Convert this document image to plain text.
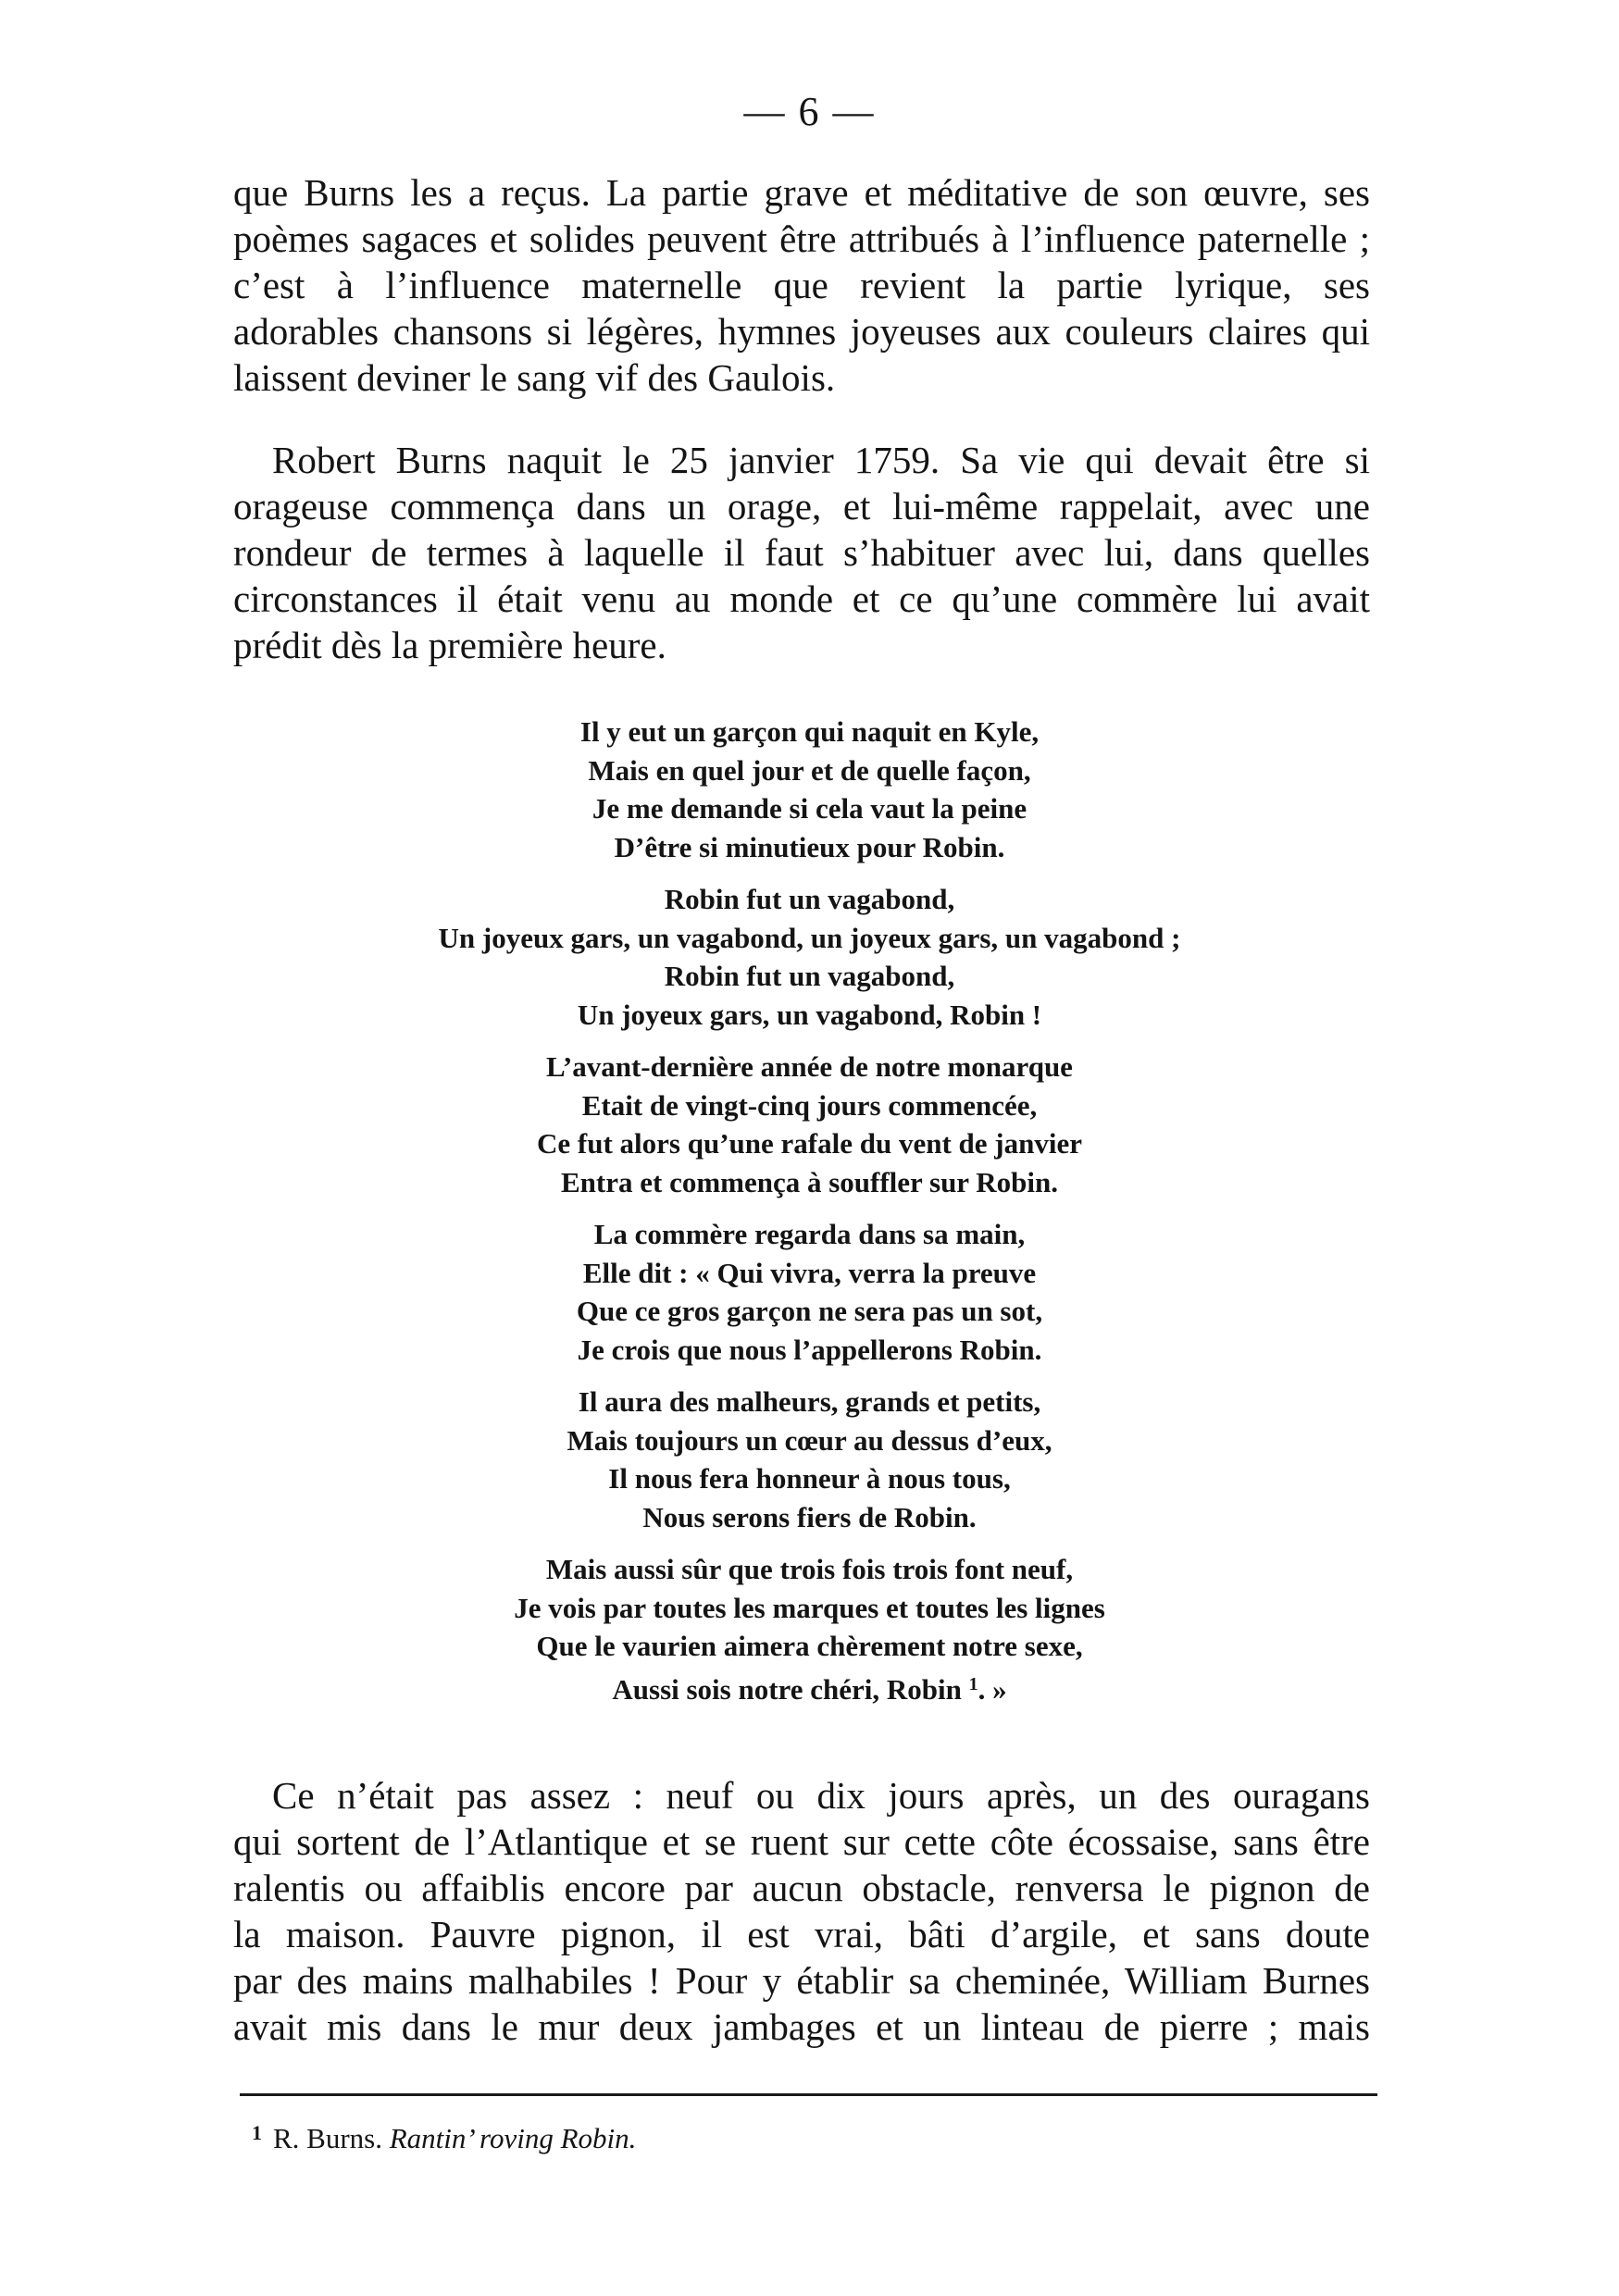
— 6 —
que Burns les a reçus. La partie grave et méditative de son œuvre, ses
poèmes sagaces et solides peuvent être attribués à l’influence paternelle ;
c’est à l’influence maternelle que revient la partie lyrique, ses
adorables chansons si légères, hymnes joyeuses aux couleurs claires qui
laissent deviner le sang vif des Gaulois.
Robert Burns naquit le 25 janvier 1759. Sa vie qui devait être si
orageuse commença dans un orage, et lui-même rappelait, avec une
rondeur de termes à laquelle il faut s’habituer avec lui, dans quelles
circonstances il était venu au monde et ce qu’une commère lui avait
prédit dès la première heure.
Il y eut un garçon qui naquit en Kyle,
Mais en quel jour et de quelle façon,
Je me demande si cela vaut la peine
D’être si minutieux pour Robin.
Robin fut un vagabond,
Un joyeux gars, un vagabond, un joyeux gars, un vagabond ;
Robin fut un vagabond,
Un joyeux gars, un vagabond, Robin !
L’avant-dernière année de notre monarque
Etait de vingt-cinq jours commencée,
Ce fut alors qu’une rafale du vent de janvier
Entra et commença à souffler sur Robin.
La commère regarda dans sa main,
Elle dit : « Qui vivra, verra la preuve
Que ce gros garçon ne sera pas un sot,
Je crois que nous l’appellerons Robin.
Il aura des malheurs, grands et petits,
Mais toujours un cœur au dessus d’eux,
Il nous fera honneur à nous tous,
Nous serons fiers de Robin.
Mais aussi sûr que trois fois trois font neuf,
Je vois par toutes les marques et toutes les lignes
Que le vaurien aimera chèrement notre sexe,
Aussi sois notre chéri, Robin $^1$. »
Ce n’était pas assez : neuf ou dix jours après, un des ouragans
qui sortent de l’Atlantique et se ruent sur cette côte écossaise, sans être
ralentis ou affaiblis encore par aucun obstacle, renversa le pignon de
la maison. Pauvre pignon, il est vrai, bâti d’argile, et sans doute
par des mains malhabiles ! Pour y établir sa cheminée, William Burnes
avait mis dans le mur deux jambages et un linteau de pierre ; mais
$^1$ R. Burns. Rantin’ roving Robin.
